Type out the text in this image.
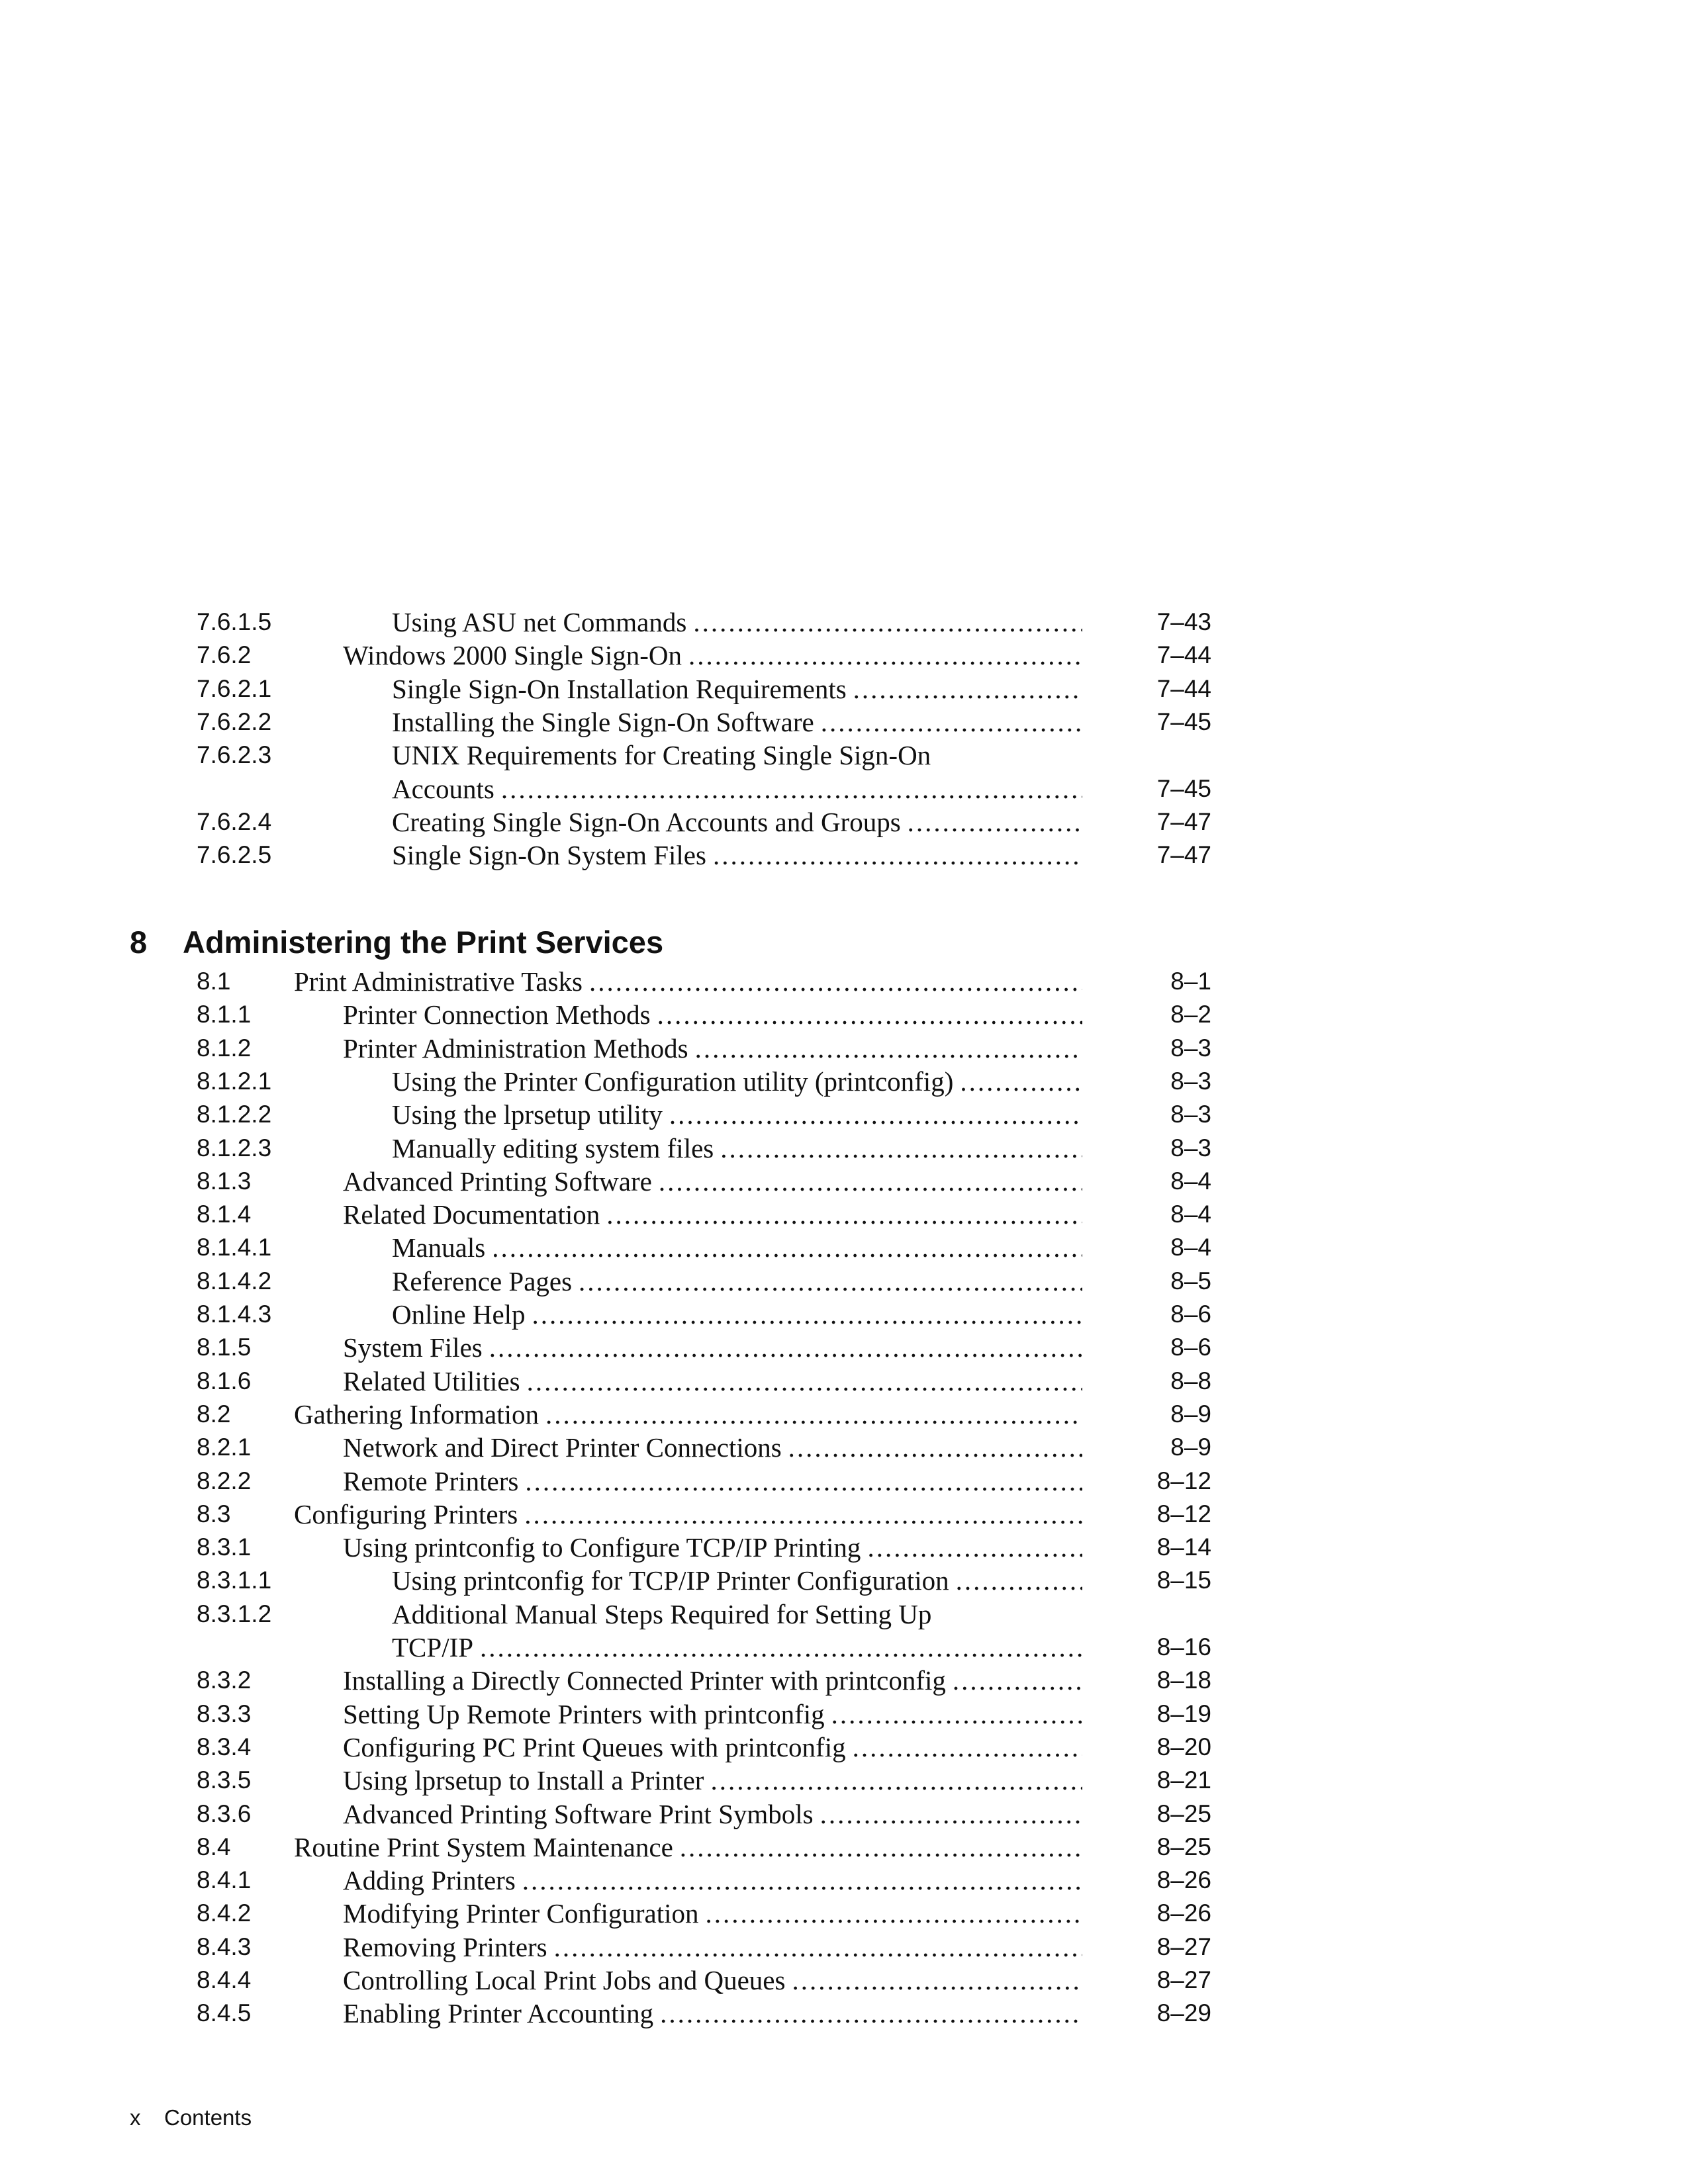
7.6.1.5	Using ASU net Commands .....	7–43
7.6.2	Windows 2000 Single Sign-On .....	7–44
7.6.2.1	Single Sign-On Installation Requirements .....	7–44
7.6.2.2	Installing the Single Sign-On Software .....	7–45
7.6.2.3	UNIX Requirements for Creating Single Sign-On
Accounts .....	7–45
7.6.2.4	Creating Single Sign-On Accounts and Groups .....	7–47
7.6.2.5	Single Sign-On System Files .....	7–47
8 Administering the Print Services
8.1 Print Administrative Tasks .....	8–1
8.1.1	Printer Connection Methods .....	8–2
8.1.2	Printer Administration Methods .....	8–3
8.1.2.1	Using the Printer Configuration utility (printconfig) .....	8–3
8.1.2.2	Using the lprsetup utility .....	8–3
8.1.2.3	Manually editing system files .....	8–3
8.1.3	Advanced Printing Software .....	8–4
8.1.4	Related Documentation .....	8–4
8.1.4.1	Manuals .....	8–4
8.1.4.2	Reference Pages .....	8–5
8.1.4.3	Online Help .....	8–6
8.1.5	System Files .....	8–6
8.1.6	Related Utilities .....	8–8
8.2 Gathering Information .....	8–9
8.2.1	Network and Direct Printer Connections .....	8–9
8.2.2	Remote Printers .....	8–12
8.3 Configuring Printers .....	8–12
8.3.1	Using printconfig to Configure TCP/IP Printing .....	8–14
8.3.1.1	Using printconfig for TCP/IP Printer Configuration .....	8–15
8.3.1.2	Additional Manual Steps Required for Setting Up
TCP/IP .....	8–16
8.3.2	Installing a Directly Connected Printer with printconfig .....	8–18
8.3.3	Setting Up Remote Printers with printconfig .....	8–19
8.3.4	Configuring PC Print Queues with printconfig .....	8–20
8.3.5	Using lprsetup to Install a Printer .....	8–21
8.3.6	Advanced Printing Software Print Symbols .....	8–25
8.4 Routine Print System Maintenance .....	8–25
8.4.1	Adding Printers .....	8–26
8.4.2	Modifying Printer Configuration .....	8–26
8.4.3	Removing Printers .....	8–27
8.4.4	Controlling Local Print Jobs and Queues .....	8–27
8.4.5	Enabling Printer Accounting .....	8–29
x Contents
